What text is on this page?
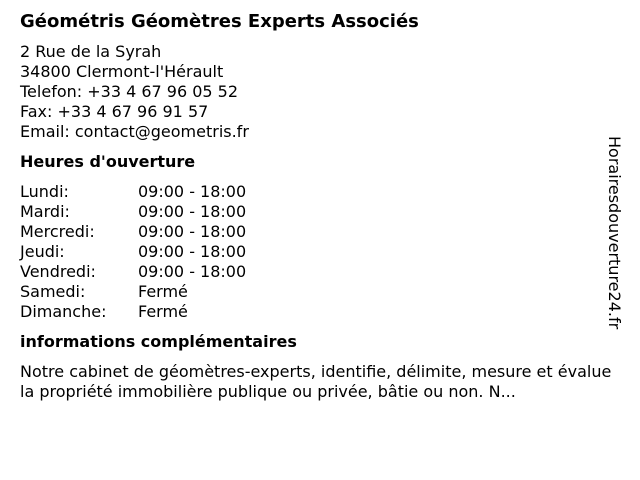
Géométris Géomètres Experts Associés
2 Rue de la Syrah
34800 Clermont-l'Hérault
Telefon: +33 4 67 96 05 52
Fax: +33 4 67 96 91 57
Email: contact@geometris.fr
Heures d'ouverture
Lundi:	09:00 - 18:00
Mardi:	09:00 - 18:00
Mercredi:	09:00 - 18:00
Jeudi:	09:00 - 18:00
Vendredi:	09:00 - 18:00
Samedi:	Fermé
Dimanche:	Fermé
informations complémentaires
Notre cabinet de géomètres-experts, identifie, délimite, mesure et évalue la propriété immobilière publique ou privée, bâtie ou non. N...
Horairesdouverture24.fr
